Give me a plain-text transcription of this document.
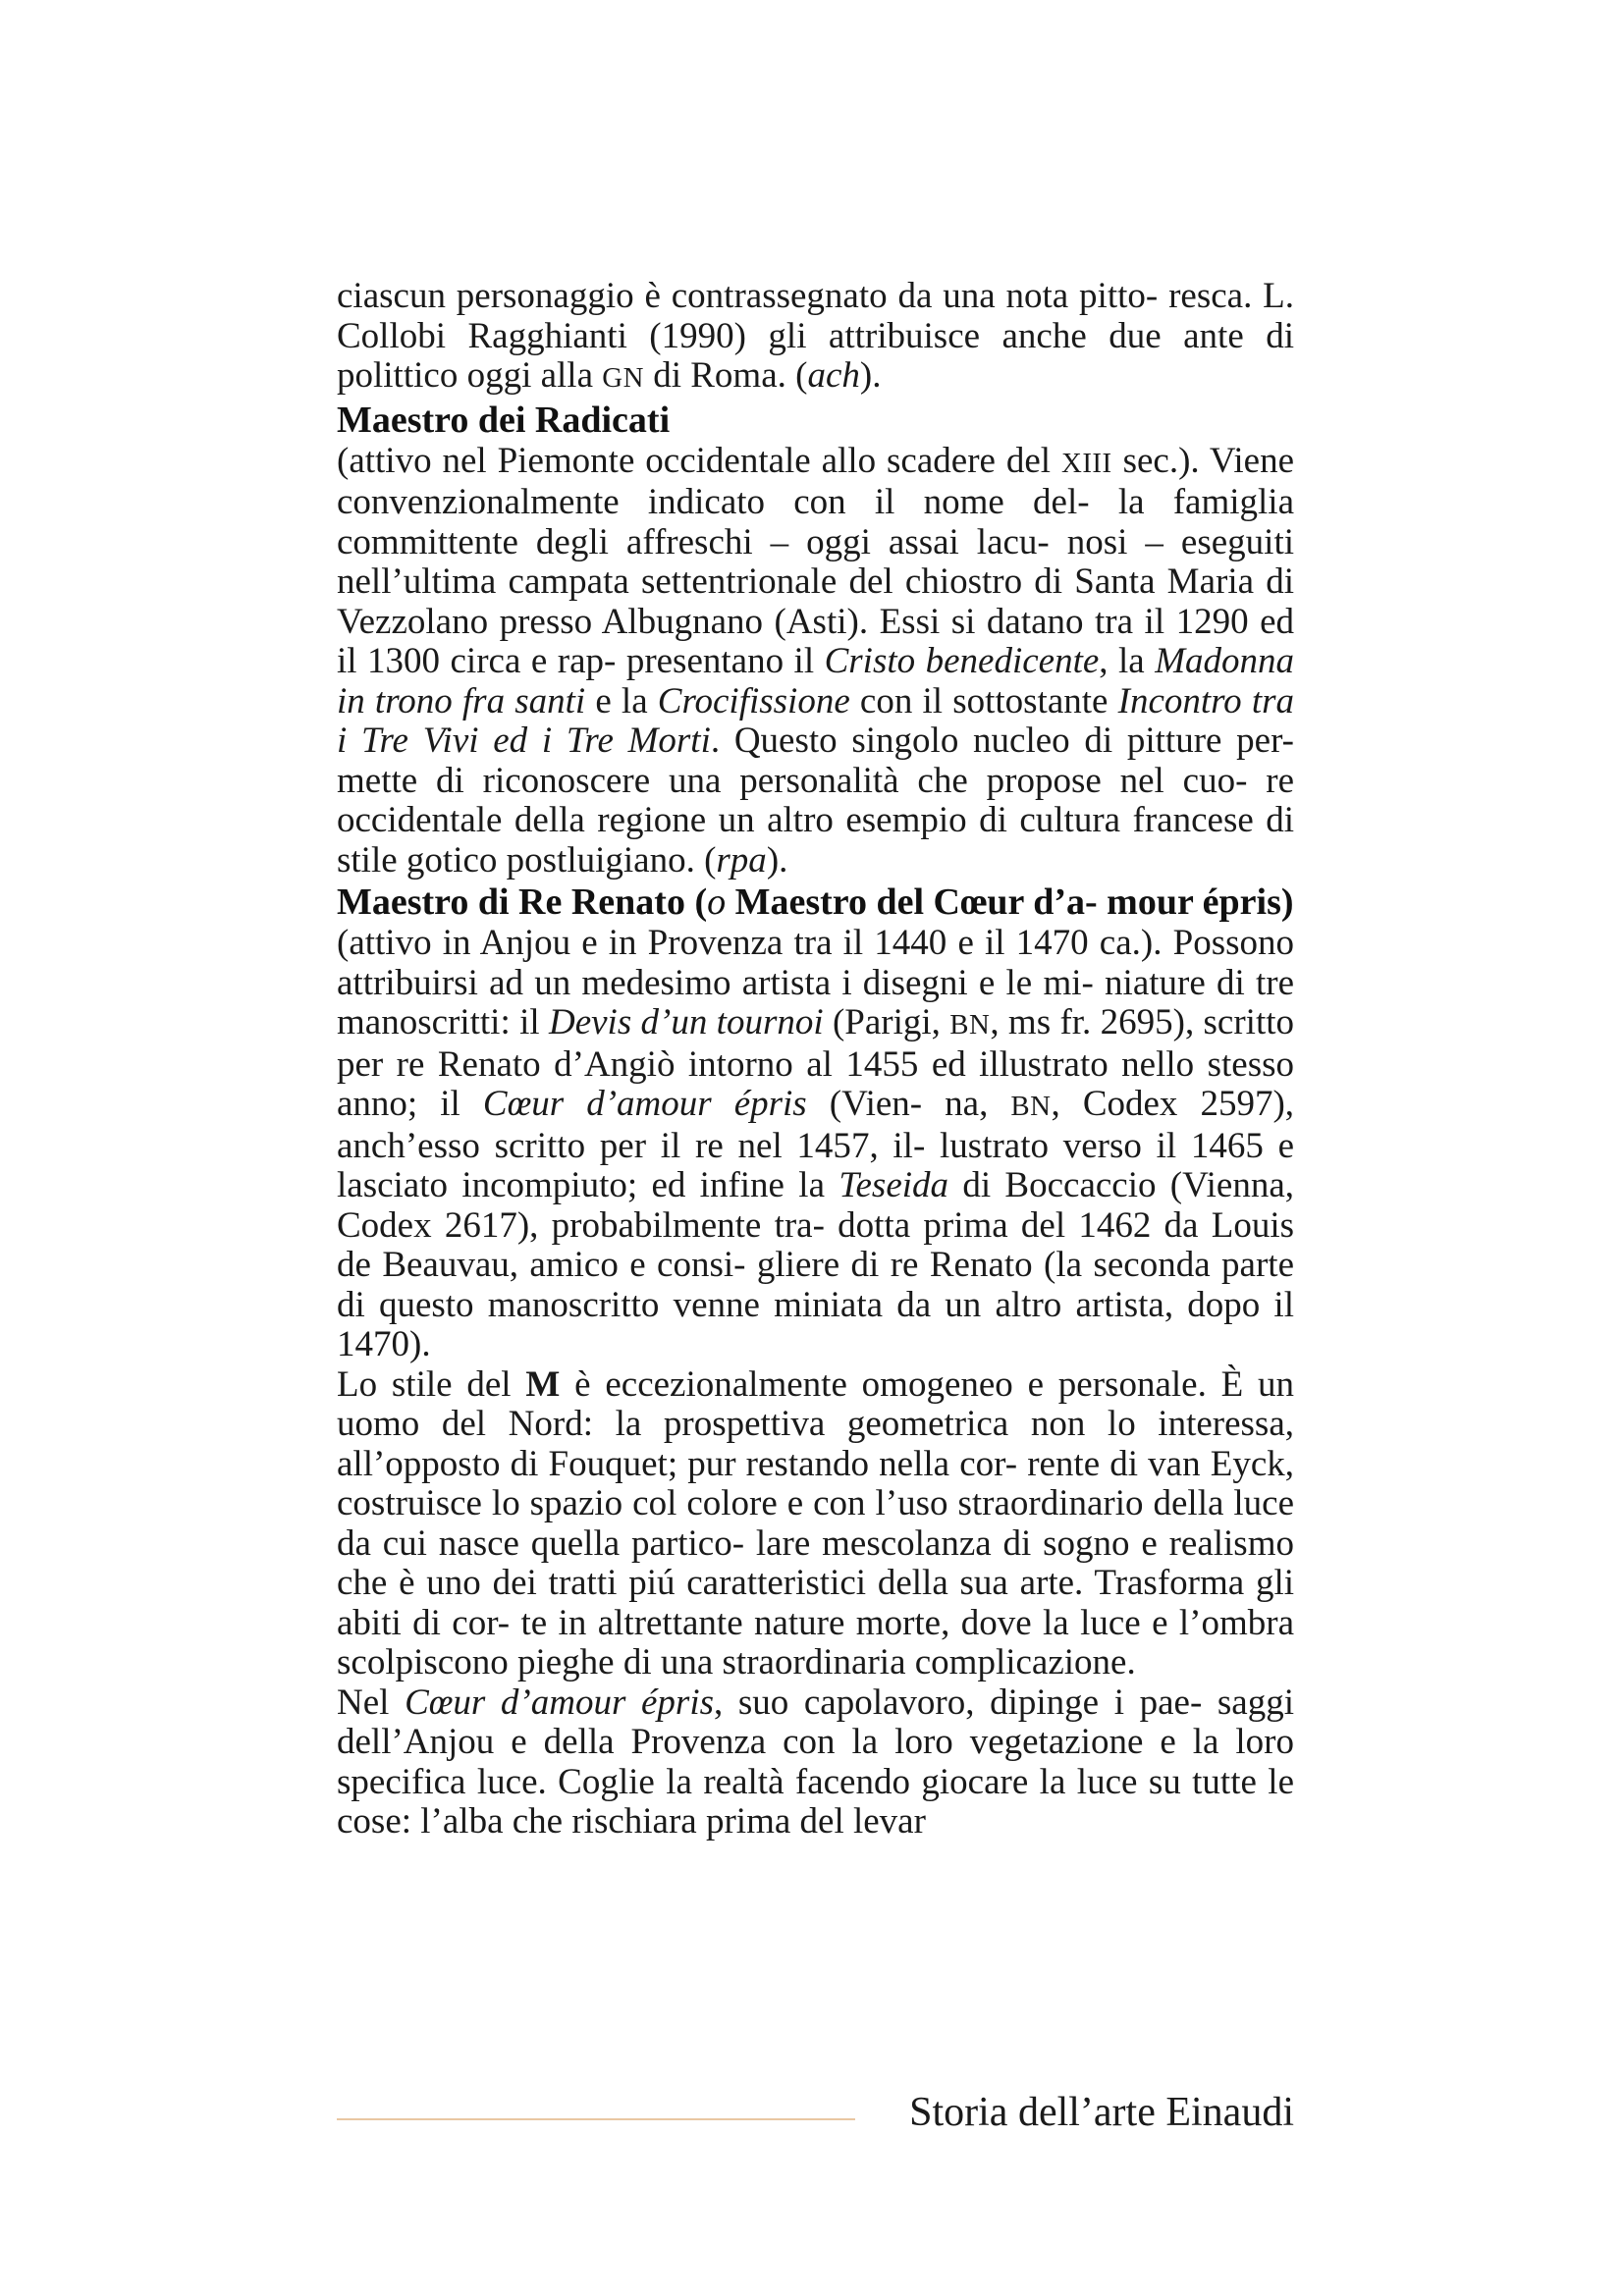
ciascun personaggio è contrassegnato da una nota pitto- resca. L. Collobi Ragghianti (1990) gli attribuisce anche due ante di polittico oggi alla GN di Roma. (ach).

Maestro dei Radicati

(attivo nel Piemonte occidentale allo scadere del XIII sec.). Viene convenzionalmente indicato con il nome del- la famiglia committente degli affreschi – oggi assai lacu- nosi – eseguiti nell’ultima campata settentrionale del chiostro di Santa Maria di Vezzolano presso Albugnano (Asti). Essi si datano tra il 1290 ed il 1300 circa e rap- presentano il Cristo benedicente, la Madonna in trono fra santi e la Crocifissione con il sottostante Incontro tra i Tre Vivi ed i Tre Morti. Questo singolo nucleo di pitture per- mette di riconoscere una personalità che propose nel cuo- re occidentale della regione un altro esempio di cultura francese di stile gotico postluigiano. (rpa).

Maestro di Re Renato (o Maestro del Cœur d’a- mour épris)

(attivo in Anjou e in Provenza tra il 1440 e il 1470 ca.). Possono attribuirsi ad un medesimo artista i disegni e le mi- niature di tre manoscritti: il Devis d’un tournoi (Parigi, BN, ms fr. 2695), scritto per re Renato d’Angiò intorno al 1455 ed illustrato nello stesso anno; il Cœur d’amour épris (Vien- na, BN, Codex 2597), anch’esso scritto per il re nel 1457, il- lustrato verso il 1465 e lasciato incompiuto; ed infine la Teseida di Boccaccio (Vienna, Codex 2617), probabilmente tra- dotta prima del 1462 da Louis de Beauvau, amico e consi- gliere di re Renato (la seconda parte di questo manoscritto venne miniata da un altro artista, dopo il 1470).

Lo stile del M è eccezionalmente omogeneo e personale. È un uomo del Nord: la prospettiva geometrica non lo interessa, all’opposto di Fouquet; pur restando nella cor- rente di van Eyck, costruisce lo spazio col colore e con l’uso straordinario della luce da cui nasce quella partico- lare mescolanza di sogno e realismo che è uno dei tratti piú caratteristici della sua arte. Trasforma gli abiti di cor- te in altrettante nature morte, dove la luce e l’ombra scolpiscono pieghe di una straordinaria complicazione.

Nel Cœur d’amour épris, suo capolavoro, dipinge i pae- saggi dell’Anjou e della Provenza con la loro vegetazione e la loro specifica luce. Coglie la realtà facendo giocare la luce su tutte le cose: l’alba che rischiara prima del levar

Storia dell’arte Einaudi
